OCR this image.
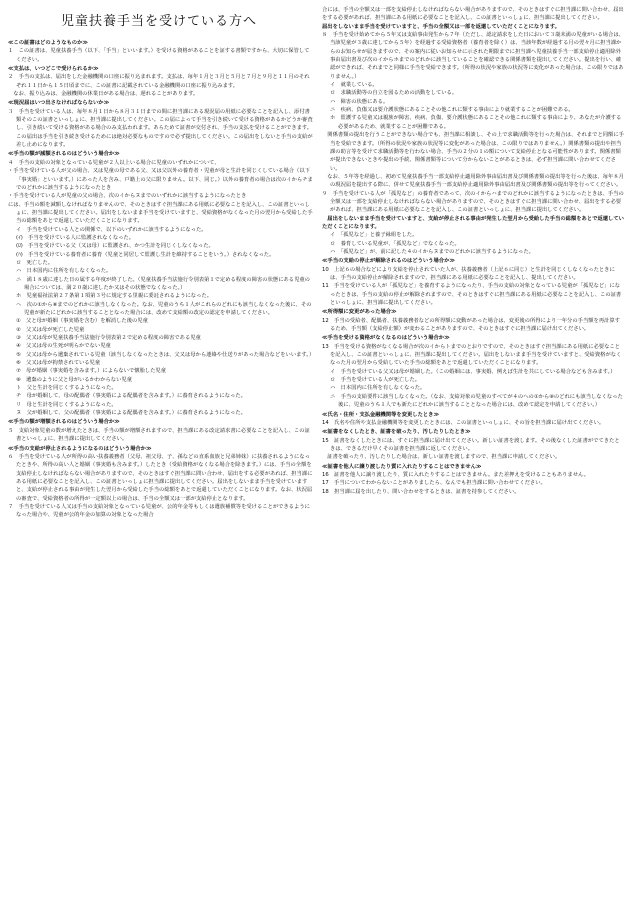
児童扶養手当を受けている方へ

≪この証書はどのようなものか≫

１　この証書は、児童扶養手当（以下、「手当」といいます。）を受ける資格があることを証する書類ですから、大切に保管してください。

≪支払は、いつどこで受けられるか≫

２　手当の支払は、届出をした金融機関の口座に振り込まれます。支払は、毎年１月と３月と５月と７月と９月と１１月のそれぞれ１１日から１５日頃までに、この証書に記載されている金融機関の口座に振り込みます。

　なお、振り込みは、金融機関の休業日がある場合は、遅れることがあります。

≪現況届はいつ出さなければならないか≫

３　手当を受けている人は、毎年８月１日から８月３１日までの間に担当課にある現況届の用紙に必要なことを記入し、添付書類そのこの証書といっしょに、担当課に提出してください。この届によって手当を引き続いて受ける資格があるかどうか審査し、引き続いて受ける資格がある場合のみ支払われます。あらためて証書が交付され、手当の支払を受けることができます。この届出は手当を引き続き受けるためには絶対必要なものですので必ず提出してください。この届出をしないと手当の支給が差し止めになります。

≪手当の額が減額されるのはどういう場合か≫

４　手当の支給の対象となっている児童が２人以上いる場合に児童のいずれかについて、

・手当を受けている人が父の場合、又は児童の母である父、又は父以外の養育者・児童が母と生計を同じくしている場合（以下「事実婚」といいます。）にあった人を含み、戸籍上の父に限りません。以下、同じ。）以外の養育者の場合は次のイからチまでのどれかに該当するようになったとき

・手当を受けている人が児童の父の場合、次のイからヌまでのいずれかに該当するようになったとき

には、手当の額を減額しなければなりませんので、そのときはすぐ担当課にある用紙に必要なことを記入し、この証書といっしょに、担当課に提出してください。届出をしないまま手当を受けていますと、受給資格がなくなった月の翌月から受給した手当の総額をあとで返還していただくことになります。

イ　手当を受けている人との関係で、以下のいずれかに該当するようになった。

(ｲ)　手当を受けている人に監護されなくなった。

(ﾛ)　手当を受けている父（又は母）に監護され、かつ生計を同じくしなくなった。

(ﾊ)　手当を受けている養育者に養育（児童と同居して監護し生計を維持することをいう。）されなくなった。

ロ　死亡した。

ハ　日本国内に住所を有しなくなった。

ニ　満１８歳に達した日の属する年度が終了した。（児童扶養手当法施行令別表第１で定める程度の障害の状態にある児童の場合については、満２０歳に達したか又はその状態でなくなった。）

ホ　児童福祉法第２７条第１項第３号に規定する里親に委託されるようになった。

ヘ　次の①から⑧までのどれかに該当しなくなった。なお、児童のうち１人がこれらのどれにも該当しなくなった後に、その児童が新たにどれかに該当することとなった場合には、改めて支給額の改定の認定を申請してください。

①　父と母が婚姻（事実婚を含む）を解消した後の児童

②　父又は母が死亡した児童

③　父又は母が児童扶養手当法施行令別表第２で定める程度の障害である児童

④　父又は母の生死が明らかでない児童

⑤　父又は母から遺棄されている児童（該当しなくなったときは、父又は母から連絡や仕送りがあった場合などをいいます。）

⑥　父又は母が拘禁されている児童

⑦　母が婚姻（事実婚を含みます。）によらないで懐胎した児童

⑧　遺棄のように父と母がいるかわからない児童

ト　父と生計を同じくするようになった。

チ　母が婚姻して、母の配偶者（事実婚による配偶者を含みます。）に養育されるようになった。

リ　母と生計を同じくするようになった。

ヌ　父が婚姻して、父の配偶者（事実婚による配偶者を含みます。）に養育されるようになった。

≪手当の額が増額されるのはどういう場合か≫

５　支給対象児童の数が増えたときは、手当の額が増額されますので、担当課にある改定請求書に必要なことを記入し、この証書といっしょに、担当課に提出してください。

≪手当の支給が停止されるようになるのはどういう場合か≫

６　手当を受けている人が所得の高い扶養義務者（父母、祖父母、子、孫などの直系血族と兄弟姉妹）に扶養されるようになったときや、所得の高い人と婚姻（事実婚も含みます。）したとき（受給資格がなくなる場合を除きます。）には、手当の全額を支給停止しなければならない場合がありますので、そのときはすぐ担当課に問い合わせ、届出をする必要があれば、担当課にある用紙に必要なことを記入し、この証書といっしょに担当課に提出してください。届出をしないまま手当を受けていますと、支給が停止される事由が発生した翌月から受給した手当の総額をあとで返還していただくことになります。なお、状況届の審査で、受給資格者の所得が一定額以上の場合は、手当の全額又は一部が支給停止となります。

７　手当を受けている人又は手当の支給対象となっている児童が、公的年金等もしくは遺族補償等を受けることができるようになった場合や、児童が公的年金の加算の対象となった場合

合には、手当の全額又は一部を支給停止しなければならない場合がありますので、そのときはすぐに担当課に問い合わせ、届出をする必要があれば、担当課にある用紙に必要なことを記入し、この証書といっしょに、担当課に提出してください。

届出をしないまま手当を受けていますと、手当の全額又は一部を返還していただくことになります。

８　手当を受け始めてから５年又は支給事由発生から７年（ただし、認定請求をした日において３歳未満の児童がいる場合は、当該児童が３歳に達してから５年）を経過する受給資格者（養育者を除く）は、当該年数が経過する月の翌々月に担当課からのお知らせが届きますので、その案内に従いお知らせに示された期限までに担当課へ児童扶養手当一部支給停止適用除外事由届出書及び次のイからホまでのどれかに該当していることを確認できる関係書類を提出してください。提出を行い、確認ができれば、それまでと同様に手当を受給できます。（所得の状況や家族の状況等に変化があった場合は、この限りではありません。）

イ　就業している。

ロ　求職活動等の自立を図るための活動をしている。

ハ　障害の状態にある。

ニ　疾病、負傷又は要介護状態にあることその他これに類する事由により就業することが困難である。

ホ　監護する児童又は親族が障害、疾病、負傷、要介護状態にあることその他これに類する事由により、あなたが介護する必要があるため、就業することが困難である。

　関係書類の提出を行うことができない場合でも、担当課に相談し、その上で求職活動等を行った場合は、それまでと同額に手当を受給できます。（所得の状況や家族の状況等に変化があった場合は、この限りではありません。）関係書類の提出や担当課の助言等を受けて求職活動等を行わない場合、手当の２分の１の額について支給停止となる可能性があります。関係書類が提出できないときや提出の手続、関係書類等について分からないことがあるときは、必ず担当課に問い合わせてください。

　なお、５年等を経過し、初めて児童扶養手当一部支給停止適用除外事由届出書及び関係書類の提出等を行った後は、毎年８月の現況届を提出する際に、併せて児童扶養手当一部支給停止適用除外事由届出書及び関係書類の提出等を行ってください。

９　手当を受けている人が「孤児など」の養育者であって、次のイからハまでのどれかに該当するようになったときは、手当の全額又は一部を支給停止しなければならない場合がありますので、そのときはすぐに担当課に問い合わせ、届出をする必要があれば、担当課にある用紙に必要なことを記入し、この証書といっしょに、担当課に提出してください。

　届出をしないまま手当を受けていますと、支給が停止される事由が発生した翌月から受給した手当の総額をあとで返還していただくことになります。

イ　「孤児など」と養子縁組をした。

ロ　養育している児童が、「孤児など」でなくなった。

ハ　「孤児など」が、前に記した４のイからヌまでのどれかに該当するようになった。

≪手当の支給の停止が解除されるのはどういう場合か≫

10　上記６の場合などにより支給を停止されていた人が、扶養義務者（上記６に同じ）と生計を同じくしなくなったときには、手当の支給停止が解除されますので、担当課にある用紙に必要なことを記入し、提出してください。

11　手当を受けている人が「孤児など」を養育するようになったり、手当の支給の対象となっている児童が「孤児など」になったときは、手当の支給の停止が解除されますので、そのときはすぐに担当課にある用紙に必要なことを記入し、この証書といっしょに、担当課に提出してください。

≪所得額に変更があった場合≫

12　手当の受給者、配偶者、扶養義務者などの所得額に変動があった場合は、変更後の所得により一年分の手当額を再計算するため、手当額（支給停止額）が変わることがありますので、そのときはすぐに担当課に届け出てください。

≪手当を受ける資格がなくなるのはどういう場合か≫

13　手当を受ける資格がなくなる場合が次のイからトまでのとおりですので、そのときはすぐ担当課にある用紙に必要なことを記入し、この証書といっしょに、担当課に提出してください。届出をしないまま手当を受けていますと、受給資格がなくなった月の翌月から受給していた手当の総額をあとで返還していただくことになります。

イ　手当を受けている父又は母が婚姻した。（この婚姻には、事実婚、例えば生計を共にしている場合なども含みます。）

ロ　手当を受けている人が死亡した。

ハ　日本国内に住所を有しなくなった。

ニ　手当の支給要件に該当しなくなった。（なお、支給対象の児童のすべてが４のへの①から⑧のどれにも該当しなくなった後に、児童のうち１人でも新たにどれかに該当することとなった場合には、改めて認定を申請してください。）

≪氏名・住所・支払金融機関等を変更したとき≫

14　氏名や住所や支払金融機関等を変更したときには、この証書といっしょに、その旨を担当課に届け出てください。

≪証書をなくしたとき、証書を破ったり、汚したりしたとき≫

15　証書をなくしたときには、すぐに担当課に届け出てください。新しい証書を渡します。その後なくした証書がでてきたときは、できるだけ早くその証書を担当課に返してください。

　証書を破ったり、汚したりした場合は、新しい証書を渡しますので、担当課に申請してください。

≪証書を他人に譲り渡したり質に入れたりすることはできません≫

16　証書を他人に譲り渡したり、質に入れたりすることはできません。また差押えを受けることもありません。

17　手当についてわからないことがありましたら、なんでも担当課に問い合わせてください。

18　担当課に届を出したり、問い合わせをするときは、証書を持参してください。
